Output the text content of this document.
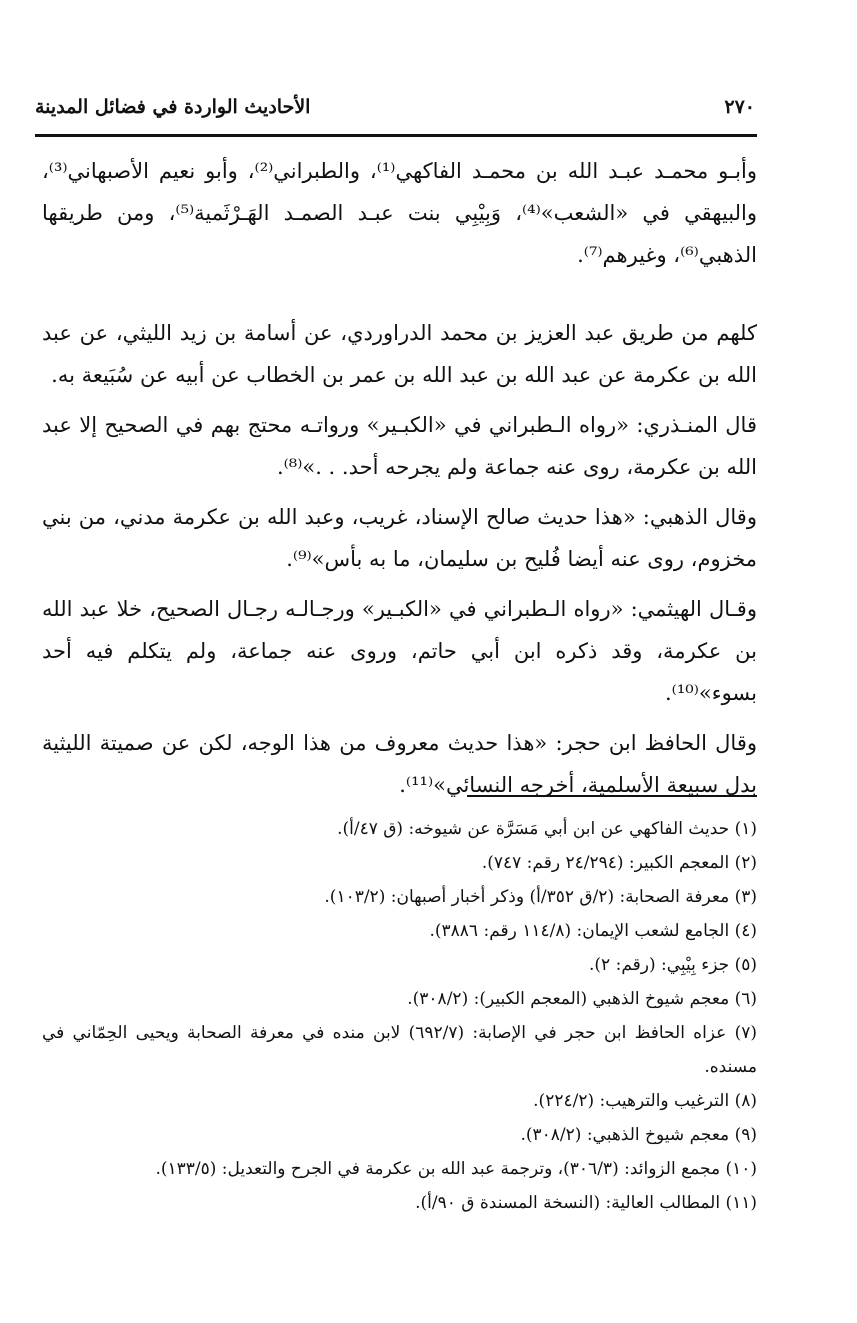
٢٧٠
الأحاديث الواردة في فضائل المدينة

وأبـو محمـد عبـد الله بن محمـد الفاكهي⁽¹⁾، والطبراني⁽²⁾، وأبو نعيم الأصبهاني⁽³⁾، والبيهقي في «الشعب»⁽⁴⁾، وَبِيْبِي بنت عبـد الصمـد الهَـرْثَمية⁽⁵⁾، ومن طريقها الذهبي⁽⁶⁾، وغيرهم⁽⁷⁾.

كلهم من طريق عبد العزيز بن محمد الدراوردي، عن أسامة بن زيد الليثي، عن عبد الله بن عكرمة عن عبد الله بن عبد الله بن عمر بن الخطاب عن أبيه عن سُبَيعة به.

قال المنـذري: «رواه الـطبراني في «الكبـير» ورواتـه محتج بهم في الصحيح إلا عبد الله بن عكرمة، روى عنه جماعة ولم يجرحه أحد. . .»⁽⁸⁾.

وقال الذهبي: «هذا حديث صالح الإسناد، غريب، وعبد الله بن عكرمة مدني، من بني مخزوم، روى عنه أيضا فُليح بن سليمان، ما به بأس»⁽⁹⁾.

وقـال الهيثمي: «رواه الـطبراني في «الكبـير» ورجـالـه رجـال الصحيح، خلا عبد الله بن عكرمة، وقد ذكره ابن أبي حاتم، وروى عنه جماعة، ولم يتكلم فيه أحد بسوء»⁽¹⁰⁾.

وقال الحافظ ابن حجر: «هذا حديث معروف من هذا الوجه، لكن عن صميتة الليثية بدل سبيعة الأسلمية، أخرجه النسائي»⁽¹¹⁾.

(١) حديث الفاكهي عن ابن أبي مَسَرَّة عن شيوخه: (ق ٤٧/أ).

(٢) المعجم الكبير: (٢٤/٢٩٤ رقم: ٧٤٧).

(٣) معرفة الصحابة: (٢/ق ٣٥٢/أ) وذكر أخبار أصبهان: (١٠٣/٢).

(٤) الجامع لشعب الإيمان: (١١٤/٨ رقم: ٣٨٨٦).

(٥) جزء بِيْبِي: (رقم: ٢).

(٦) معجم شيوخ الذهبي (المعجم الكبير): (٣٠٨/٢).

(٧) عزاه الحافظ ابن حجر في الإصابة: (٦٩٢/٧) لابن منده في معرفة الصحابة ويحيى الحِمّاني في مسنده.

(٨) الترغيب والترهيب: (٢٢٤/٢).

(٩) معجم شيوخ الذهبي: (٣٠٨/٢).

(١٠) مجمع الزوائد: (٣٠٦/٣)، وترجمة عبد الله بن عكرمة في الجرح والتعديل: (١٣٣/٥).

(١١) المطالب العالية: (النسخة المسندة ق ٩٠/أ).
